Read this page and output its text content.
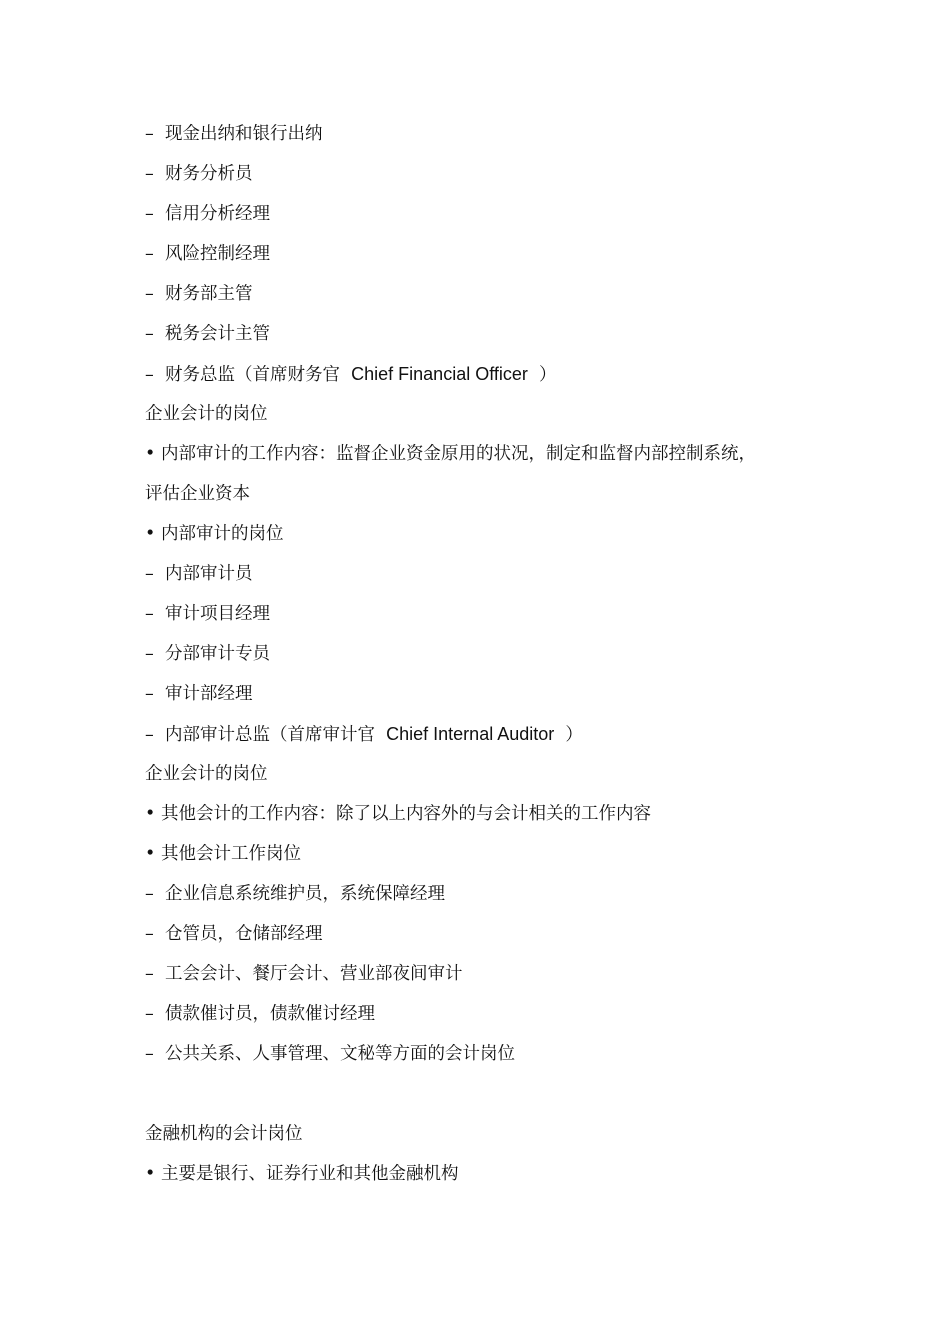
– 现金出纳和银行出纳
– 财务分析员
– 信用分析经理
– 风险控制经理
– 财务部主管
– 税务会计主管
– 财务总监（首席财务官 Chief Financial Officer ）
企业会计的岗位
• 内部审计的工作内容：监督企业资金原用的状况，制定和监督内部控制系统，
评估企业资本
• 内部审计的岗位
– 内部审计员
– 审计项目经理
– 分部审计专员
– 审计部经理
– 内部审计总监（首席审计官 Chief Internal Auditor ）
企业会计的岗位
• 其他会计的工作内容：除了以上内容外的与会计相关的工作内容
• 其他会计工作岗位
– 企业信息系统维护员，系统保障经理
– 仓管员，仓储部经理
– 工会会计、餐厅会计、营业部夜间审计
– 债款催讨员，债款催讨经理
– 公共关系、人事管理、文秘等方面的会计岗位
金融机构的会计岗位
• 主要是银行、证券行业和其他金融机构
